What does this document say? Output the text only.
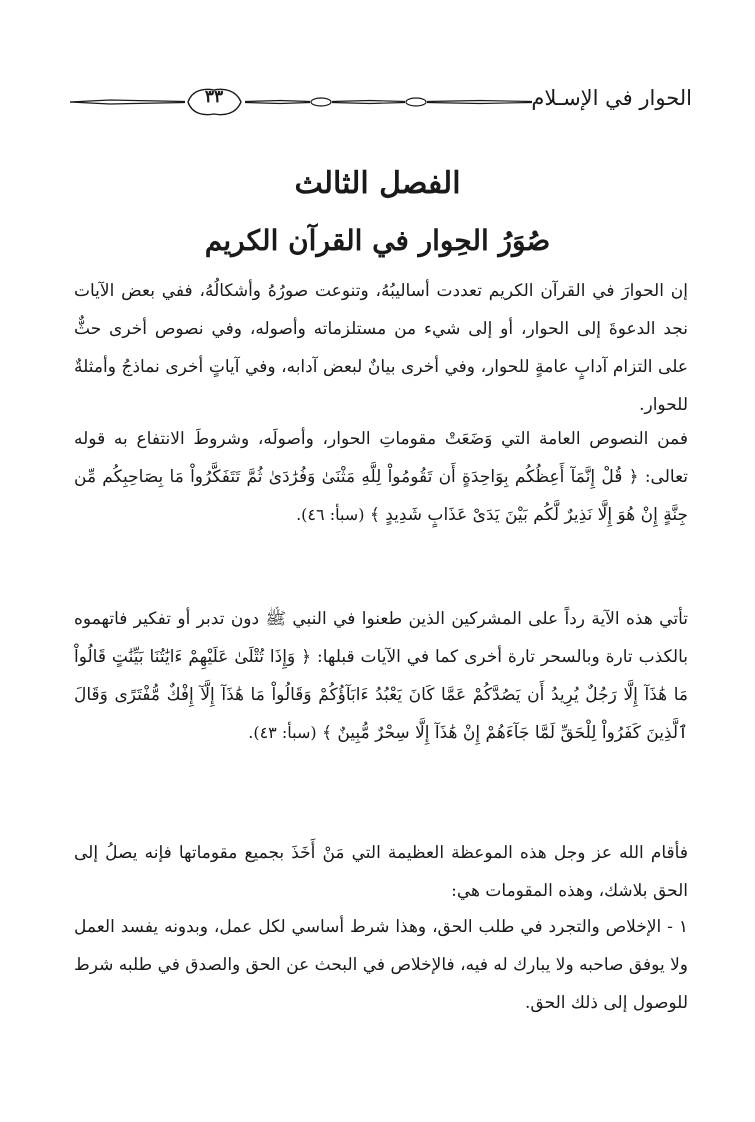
الحوار في الإسـلام
٣٣
الفصل الثالث
صُوَرُ الحِوار في القرآن الكريم

إن الحوارَ في القرآن الكريم تعددت أساليبُهُ، وتنوعت صورُهُ وأشكالُهُ، ففي بعض الآيات نجد الدعوةَ إلى الحوار، أو إلى شيء من مستلزماته وأصوله، وفي نصوص أخرى حثٌّ على التزام آدابٍ عامةٍ للحوار، وفي أخرى بيانٌ لبعض آدابه، وفي آياتٍ أخرى نماذجُ وأمثلةٌ للحوار.

فمن النصوص العامة التي وَضَعَتْ مقوماتِ الحوار، وأصولَه، وشروطَ الانتفاع به قوله تعالى: ﴿ قُلْ إِنَّمَآ أَعِظُكُم بِوَاحِدَةٍ أَن تَقُومُواْ لِلَّهِ مَثْنَىٰ وَفُرَٰدَىٰ ثُمَّ تَتَفَكَّرُواْ مَا بِصَاحِبِكُم مِّن جِنَّةٍ إِنْ هُوَ إِلَّا نَذِيرٌ لَّكُم بَيْنَ يَدَىْ عَذَابٍ شَدِيدٍ ﴾ (سبأ: ٤٦).

تأتي هذه الآية رداً على المشركين الذين طعنوا في النبي ﷺ دون تدبر أو تفكير فاتهموه بالكذب تارة وبالسحر تارة أخرى كما في الآيات قبلها: ﴿ وَإِذَا تُتْلَىٰ عَلَيْهِمْ ءَايَٰتُنَا بَيِّنَٰتٍ قَالُواْ مَا هَٰذَآ إِلَّا رَجُلٌ يُرِيدُ أَن يَصُدَّكُمْ عَمَّا كَانَ يَعْبُدُ ءَابَآؤُكُمْ وَقَالُواْ مَا هَٰذَآ إِلَّآ إِفْكٌ مُّفْتَرًى وَقَالَ ٱلَّذِينَ كَفَرُواْ لِلْحَقِّ لَمَّا جَآءَهُمْ إِنْ هَٰذَآ إِلَّا سِحْرٌ مُّبِينٌ ﴾ (سبأ: ٤٣).

فأقام الله عز وجل هذه الموعظة العظيمة التي مَنْ أَخَذَ بجميع مقوماتها فإنه يصلُ إلى الحق بلاشك، وهذه المقومات هي:

١ - الإخلاص والتجرد في طلب الحق، وهذا شرط أساسي لكل عمل، وبدونه يفسد العمل ولا يوفق صاحبه ولا يبارك له فيه، فالإخلاص في البحث عن الحق والصدق في طلبه شرط للوصول إلى ذلك الحق.
